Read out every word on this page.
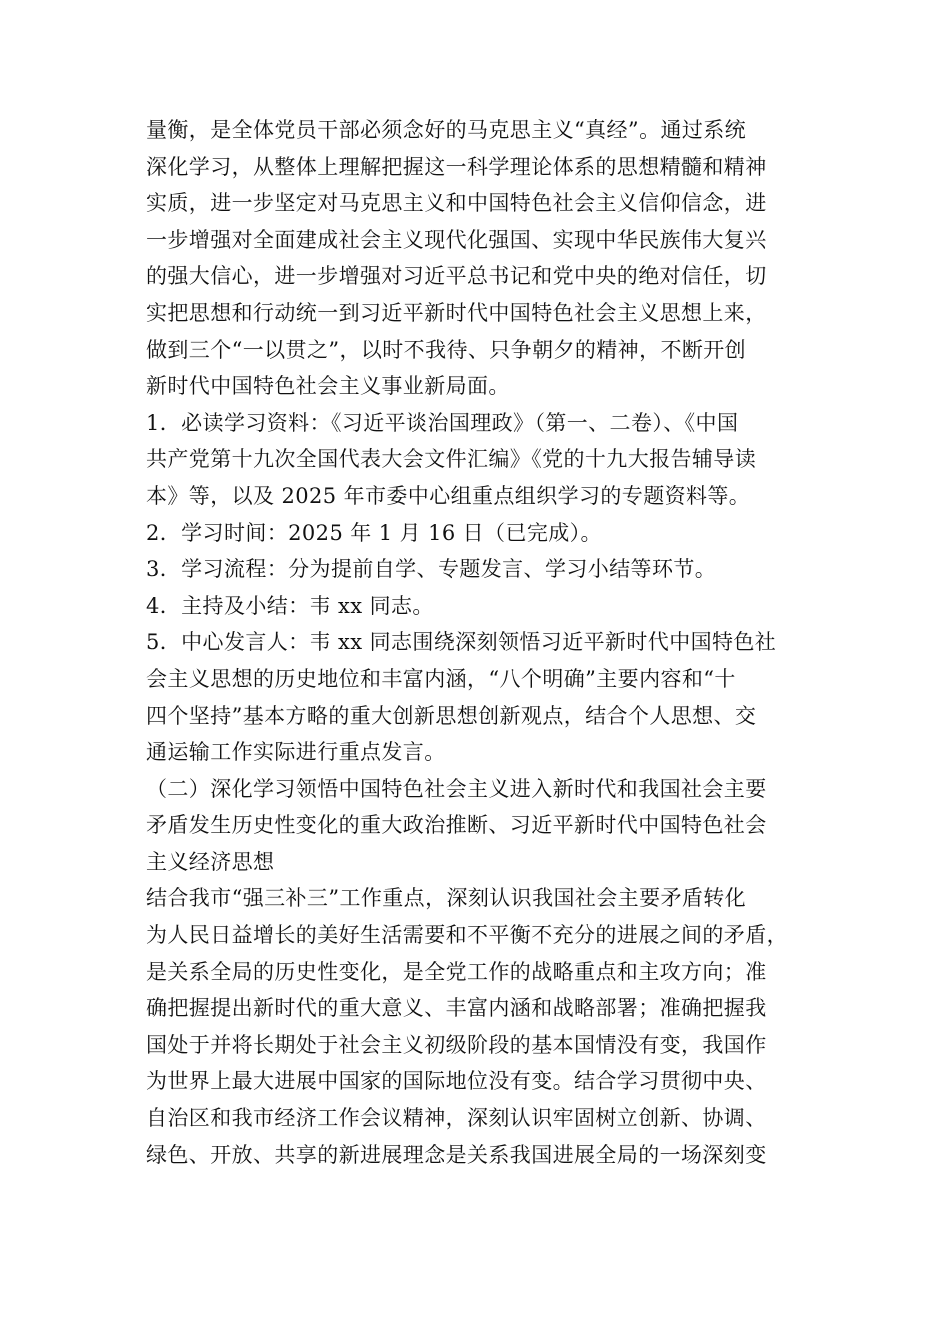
量衡，是全体党员干部必须念好的马克思主义“真经”。通过系统
深化学习，从整体上理解把握这一科学理论体系的思想精髓和精神
实质，进一步坚定对马克思主义和中国特色社会主义信仰信念，进
一步增强对全面建成社会主义现代化强国、实现中华民族伟大复兴
的强大信心，进一步增强对习近平总书记和党中央的绝对信任，切
实把思想和行动统一到习近平新时代中国特色社会主义思想上来，
做到三个“一以贯之”，以时不我待、只争朝夕的精神，不断开创
新时代中国特色社会主义事业新局面。
1．必读学习资料：《习近平谈治国理政》（第一、二卷）、《中国
共产党第十九次全国代表大会文件汇编》《党的十九大报告辅导读
本》等，以及 2025 年市委中心组重点组织学习的专题资料等。
2．学习时间：2025 年 1 月 16 日（已完成）。
3．学习流程：分为提前自学、专题发言、学习小结等环节。
4．主持及小结：韦 xx 同志。
5．中心发言人：韦 xx 同志围绕深刻领悟习近平新时代中国特色社
会主义思想的历史地位和丰富内涵，“八个明确”主要内容和“十
四个坚持”基本方略的重大创新思想创新观点，结合个人思想、交
通运输工作实际进行重点发言。
（二）深化学习领悟中国特色社会主义进入新时代和我国社会主要
矛盾发生历史性变化的重大政治推断、习近平新时代中国特色社会
主义经济思想
结合我市“强三补三”工作重点，深刻认识我国社会主要矛盾转化
为人民日益增长的美好生活需要和不平衡不充分的进展之间的矛盾，
是关系全局的历史性变化，是全党工作的战略重点和主攻方向；准
确把握提出新时代的重大意义、丰富内涵和战略部署；准确把握我
国处于并将长期处于社会主义初级阶段的基本国情没有变，我国作
为世界上最大进展中国家的国际地位没有变。结合学习贯彻中央、
自治区和我市经济工作会议精神，深刻认识牢固树立创新、协调、
绿色、开放、共享的新进展理念是关系我国进展全局的一场深刻变
